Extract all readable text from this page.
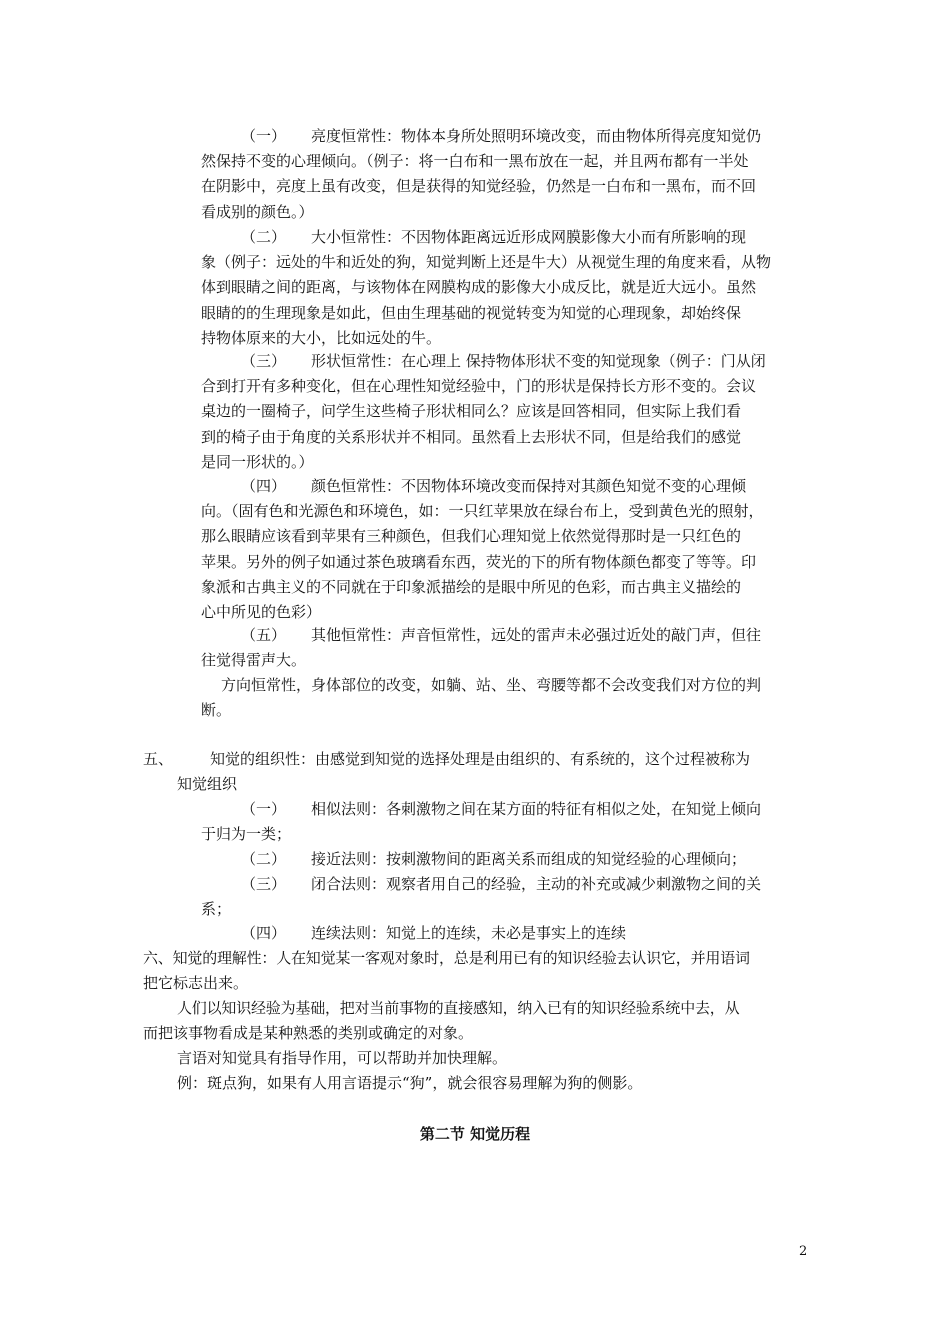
（一） 亮度恒常性：物体本身所处照明环境改变，而由物体所得亮度知觉仍
然保持不变的心理倾向。（例子：将一白布和一黑布放在一起，并且两布都有一半处
在阴影中，亮度上虽有改变，但是获得的知觉经验，仍然是一白布和一黑布，而不回
看成别的颜色。）
（二） 大小恒常性：不因物体距离远近形成网膜影像大小而有所影响的现
象（例子：远处的牛和近处的狗，知觉判断上还是牛大）从视觉生理的角度来看，从物
体到眼睛之间的距离，与该物体在网膜构成的影像大小成反比，就是近大远小。虽然
眼睛的的生理现象是如此，但由生理基础的视觉转变为知觉的心理现象，却始终保
持物体原来的大小，比如远处的牛。
（三） 形状恒常性：在心理上 保持物体形状不变的知觉现象（例子：门从闭
合到打开有多种变化，但在心理性知觉经验中，门的形状是保持长方形不变的。会议
桌边的一圈椅子，问学生这些椅子形状相同么？应该是回答相同，但实际上我们看
到的椅子由于角度的关系形状并不相同。虽然看上去形状不同，但是给我们的感觉
是同一形状的。）
（四） 颜色恒常性：不因物体环境改变而保持对其颜色知觉不变的心理倾
向。（固有色和光源色和环境色，如：一只红苹果放在绿台布上，受到黄色光的照射，
那么眼睛应该看到苹果有三种颜色，但我们心理知觉上依然觉得那时是一只红色的
苹果。另外的例子如通过茶色玻璃看东西，荧光的下的所有物体颜色都变了等等。印
象派和古典主义的不同就在于印象派描绘的是眼中所见的色彩，而古典主义描绘的
心中所见的色彩）
（五） 其他恒常性：声音恒常性，远处的雷声未必强过近处的敲门声，但往
往觉得雷声大。
方向恒常性，身体部位的改变，如躺、站、坐、弯腰等都不会改变我们对方位的判
断。
五、 知觉的组织性：由感觉到知觉的选择处理是由组织的、有系统的，这个过程被称为
知觉组织
（一） 相似法则：各刺激物之间在某方面的特征有相似之处，在知觉上倾向
于归为一类；
（二） 接近法则：按刺激物间的距离关系而组成的知觉经验的心理倾向；
（三） 闭合法则：观察者用自己的经验，主动的补充或减少刺激物之间的关
系；
（四） 连续法则：知觉上的连续，未必是事实上的连续
六、知觉的理解性：人在知觉某一客观对象时，总是利用已有的知识经验去认识它，并用语词
把它标志出来。
人们以知识经验为基础，把对当前事物的直接感知，纳入已有的知识经验系统中去，从
而把该事物看成是某种熟悉的类别或确定的对象。
言语对知觉具有指导作用，可以帮助并加快理解。
例：斑点狗，如果有人用言语提示“狗”，就会很容易理解为狗的侧影。
第二节 知觉历程
2
